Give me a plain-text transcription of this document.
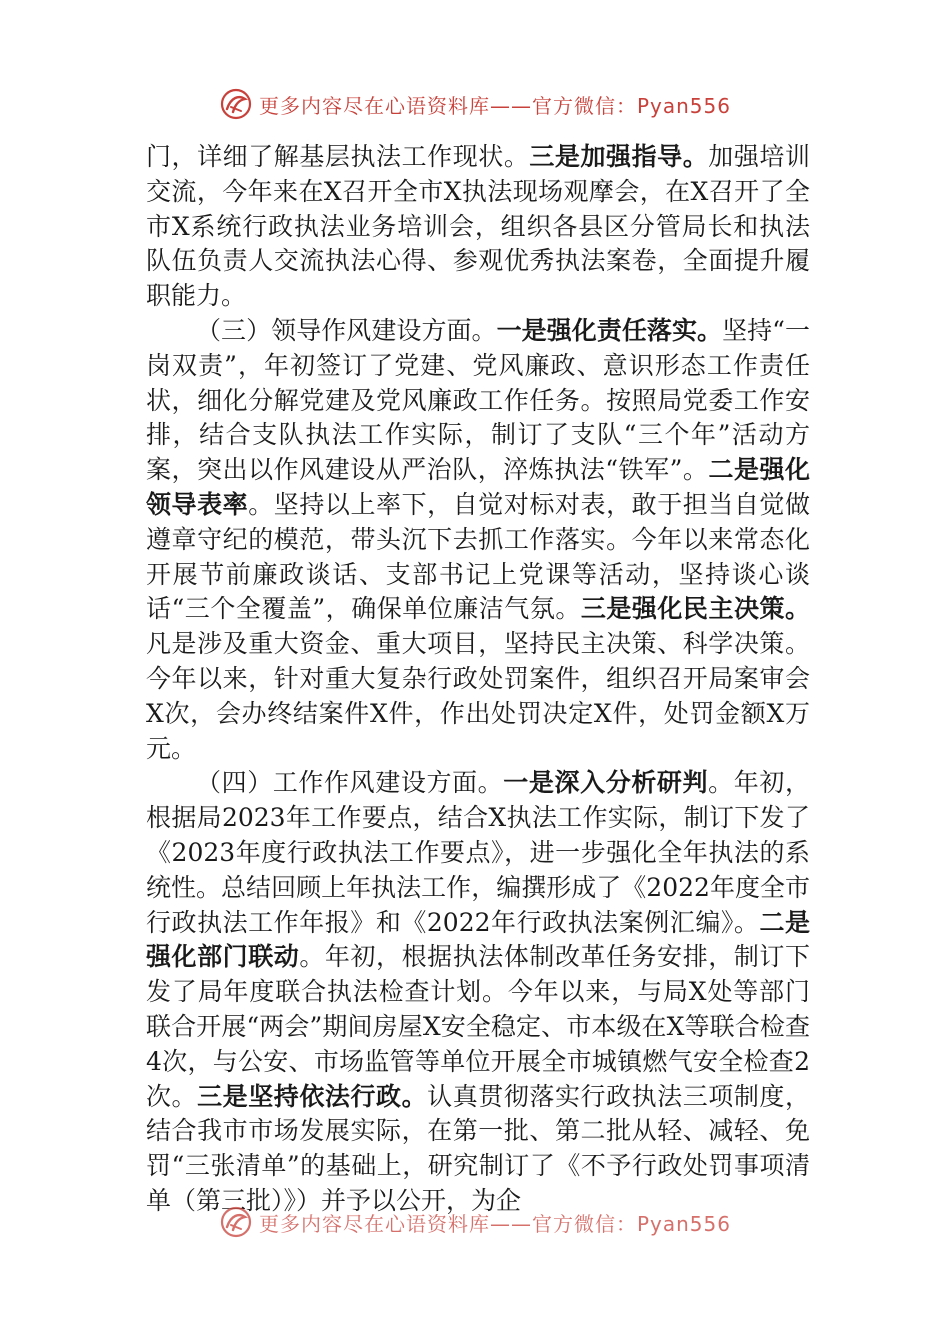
更多内容尽在心语资料库——官方微信：Pyan556

门，详细了解基层执法工作现状。三是加强指导。加强培训交流，今年来在X召开全市X执法现场观摩会，在X召开了全市X系统行政执法业务培训会，组织各县区分管局长和执法队伍负责人交流执法心得、参观优秀执法案卷，全面提升履职能力。

（三）领导作风建设方面。一是强化责任落实。坚持“一岗双责”，年初签订了党建、党风廉政、意识形态工作责任状，细化分解党建及党风廉政工作任务。按照局党委工作安排，结合支队执法工作实际，制订了支队“三个年”活动方案，突出以作风建设从严治队，淬炼执法“铁军”。二是强化领导表率。坚持以上率下，自觉对标对表，敢于担当自觉做遵章守纪的模范，带头沉下去抓工作落实。今年以来常态化开展节前廉政谈话、支部书记上党课等活动，坚持谈心谈话“三个全覆盖”，确保单位廉洁气氛。三是强化民主决策。凡是涉及重大资金、重大项目，坚持民主决策、科学决策。今年以来，针对重大复杂行政处罚案件，组织召开局案审会X次，会办终结案件X件，作出处罚决定X件，处罚金额X万元。

（四）工作作风建设方面。一是深入分析研判。年初，根据局2023年工作要点，结合X执法工作实际，制订下发了《2023年度行政执法工作要点》，进一步强化全年执法的系统性。总结回顾上年执法工作，编撰形成了《2022年度全市行政执法工作年报》和《2022年行政执法案例汇编》。二是强化部门联动。年初，根据执法体制改革任务安排，制订下发了局年度联合执法检查计划。今年以来，与局X处等部门联合开展“两会”期间房屋X安全稳定、市本级在X等联合检查4次，与公安、市场监管等单位开展全市城镇燃气安全检查2次。三是坚持依法行政。认真贯彻落实行政执法三项制度，结合我市市场发展实际，在第一批、第二批从轻、减轻、免罚“三张清单”的基础上，研究制订了《不予行政处罚事项清单（第三批）》）并予以公开，为企

更多内容尽在心语资料库——官方微信：Pyan556
